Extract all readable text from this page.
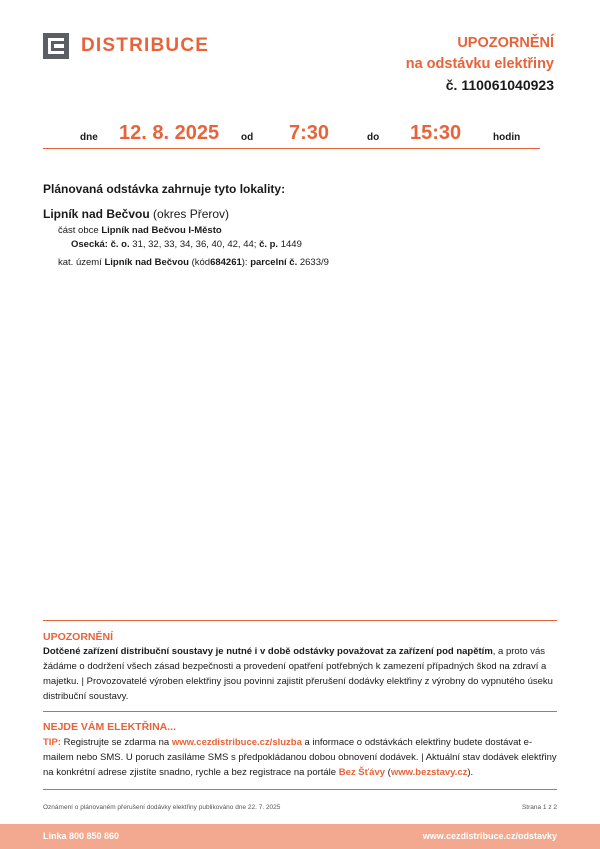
DISTRIBUCE	UPOZORNĚNÍ
na odstávku elektřiny
č. 110061040923
dne 12. 8. 2025 od 7:30	do 15:30	hodin
Plánovaná odstávka zahrnuje tyto lokality:
Lipník nad Bečvou (okres Přerov)
část obce Lipník nad Bečvou I-Město
Osecká: č. o. 31, 32, 33, 34, 36, 40, 42, 44; č. p. 1449
kat. území Lipník nad Bečvou (kód684261): parcelní č. 2633/9
UPOZORNĚNÍ
Dotčené zařízení distribuční soustavy je nutné i v době odstávky považovat za zařízení pod napětím, a proto vás žádáme o dodržení všech zásad bezpečnosti a provedení opatření potřebných k zamezení případných škod na zdraví a majetku. | Provozovatelé výroben elektřiny jsou povinni zajistit přerušení dodávky elektřiny z výrobny do vypnutého úseku distribuční soustavy.
NEJDE VÁM ELEKTŘINA...
TIP: Registrujte se zdarma na www.cezdistribuce.cz/sluzba a informace o odstávkách elektřiny budete dostávat e-mailem nebo SMS. U poruch zasíláme SMS s předpokládanou dobou obnovení dodávek. | Aktuální stav dodávek elektřiny na konkrétní adrese zjistíte snadno, rychle a bez registrace na portále Bez Šťávy (www.bezstavy.cz).
Oznámení o plánovaném přerušení dodávky elektřiny publikováno dne 22. 7. 2025	Strana 1 z 2
Linka 800 850 860	www.cezdistribuce.cz/odstavky
